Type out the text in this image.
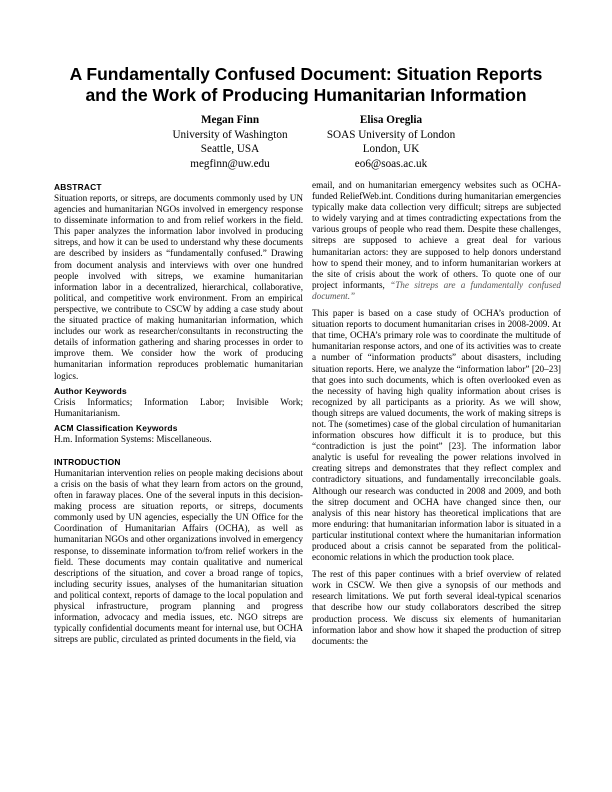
A Fundamentally Confused Document: Situation Reports
and the Work of Producing Humanitarian Information
Megan Finn
University of Washington
Seattle, USA
megfinn@uw.edu
Elisa Oreglia
SOAS University of London
London, UK
eo6@soas.ac.uk
ABSTRACT

Situation reports, or sitreps, are documents commonly used by UN agencies and humanitarian NGOs involved in emergency response to disseminate information to and from relief workers in the field. This paper analyzes the information labor involved in producing sitreps, and how it can be used to understand why these documents are described by insiders as “fundamentally confused.” Drawing from document analysis and interviews with over one hundred people involved with sitreps, we examine humanitarian information labor in a decentralized, hierarchical, collaborative, political, and competitive work environment. From an empirical perspective, we contribute to CSCW by adding a case study about the situated practice of making humanitarian information, which includes our work as researcher/consultants in reconstructing the details of information gathering and sharing processes in order to improve them. We consider how the work of producing humanitarian information reproduces problematic humanitarian logics.

Author Keywords

Crisis Informatics; Information Labor; Invisible Work; Humanitarianism.

ACM Classification Keywords

H.m. Information Systems: Miscellaneous.

INTRODUCTION

Humanitarian intervention relies on people making decisions about a crisis on the basis of what they learn from actors on the ground, often in faraway places. One of the several inputs in this decision-making process are situation reports, or sitreps, documents commonly used by UN agencies, especially the UN Office for the Coordination of Humanitarian Affairs (OCHA), as well as humanitarian NGOs and other organizations involved in emergency response, to disseminate information to/from relief workers in the field. These documents may contain qualitative and numerical descriptions of the situation, and cover a broad range of topics, including security issues, analyses of the humanitarian situation and political context, reports of damage to the local population and physical infrastructure, program planning and progress information, advocacy and media issues, etc. NGO sitreps are typically confidential documents meant for internal use, but OCHA sitreps are public, circulated as printed documents in the field, via

email, and on humanitarian emergency websites such as OCHA-funded ReliefWeb.int. Conditions during humanitarian emergencies typically make data collection very difficult; sitreps are subjected to widely varying and at times contradicting expectations from the various groups of people who read them. Despite these challenges, sitreps are supposed to achieve a great deal for various humanitarian actors: they are supposed to help donors understand how to spend their money, and to inform humanitarian workers at the site of crisis about the work of others. To quote one of our project informants, “The sitreps are a fundamentally confused document.”

This paper is based on a case study of OCHA’s production of situation reports to document humanitarian crises in 2008-2009. At that time, OCHA’s primary role was to coordinate the multitude of humanitarian response actors, and one of its activities was to create a number of “information products” about disasters, including situation reports. Here, we analyze the “information labor” [20–23] that goes into such documents, which is often overlooked even as the necessity of having high quality information about crises is recognized by all participants as a priority. As we will show, though sitreps are valued documents, the work of making sitreps is not. The (sometimes) case of the global circulation of humanitarian information obscures how difficult it is to produce, but this “contradiction is just the point” [23]. The information labor analytic is useful for revealing the power relations involved in creating sitreps and demonstrates that they reflect complex and contradictory situations, and fundamentally irreconcilable goals. Although our research was conducted in 2008 and 2009, and both the sitrep document and OCHA have changed since then, our analysis of this near history has theoretical implications that are more enduring: that humanitarian information labor is situated in a particular institutional context where the humanitarian information produced about a crisis cannot be separated from the political-economic relations in which the production took place.

The rest of this paper continues with a brief overview of related work in CSCW. We then give a synopsis of our methods and research limitations. We put forth several ideal-typical scenarios that describe how our study collaborators described the sitrep production process. We discuss six elements of humanitarian information labor and show how it shaped the production of sitrep documents: the
